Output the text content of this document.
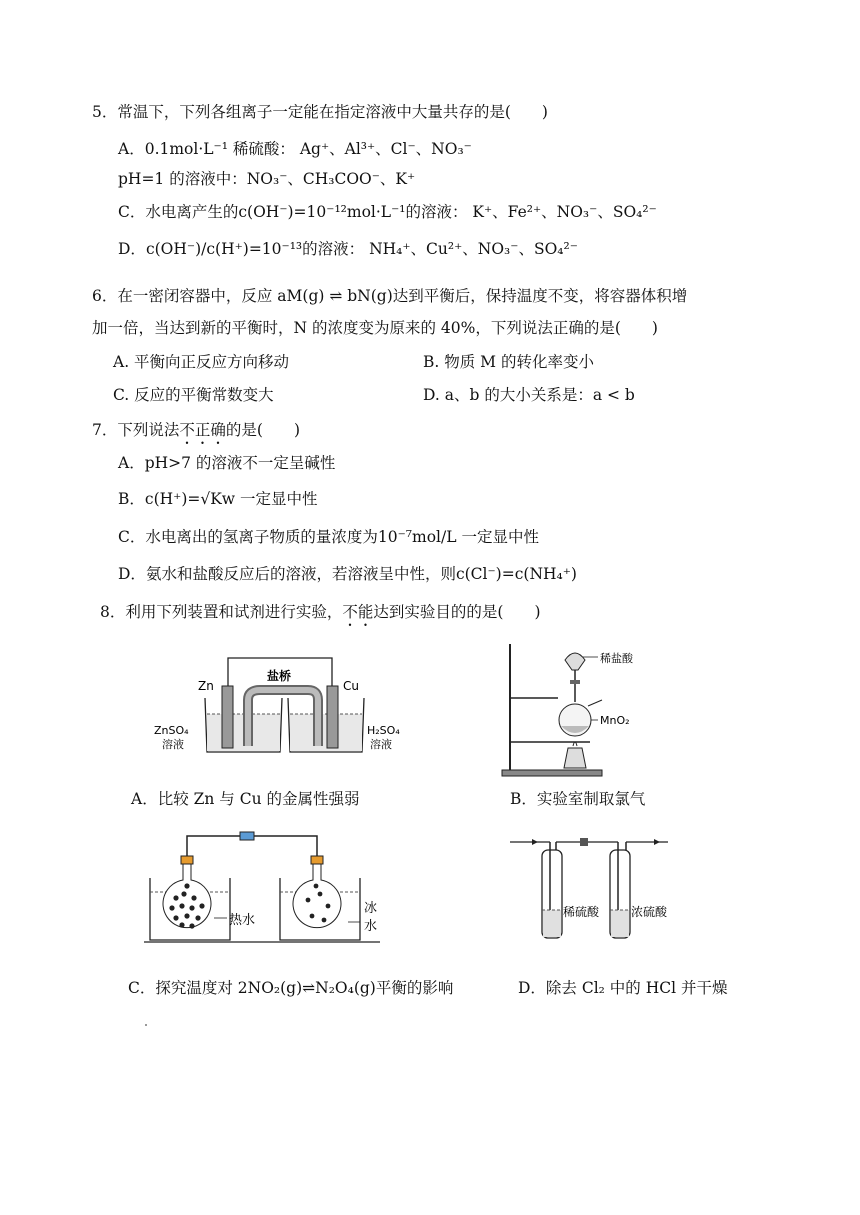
5．常温下，下列各组离子一定能在指定溶液中大量共存的是(　　)
A．0.1mol·L⁻¹ 稀硫酸： Ag⁺、Al³⁺、Cl⁻、NO₃⁻
pH=1 的溶液中：NO₃⁻、CH₃COO⁻、K⁺
C．水电离产生的c(OH⁻)=10⁻¹²mol·L⁻¹的溶液： K⁺、Fe²⁺、NO₃⁻、SO₄²⁻
D．c(OH⁻)/c(H⁺)=10⁻¹³的溶液： NH₄⁺、Cu²⁺、NO₃⁻、SO₄²⁻
6．在一密闭容器中，反应 aM(g) ⇌ bN(g)达到平衡后，保持温度不变，将容器体积增
加一倍，当达到新的平衡时，N 的浓度变为原来的 40%，下列说法正确的是(　　)
A. 平衡向正反应方向移动	B. 物质 M 的转化率变小
C. 反应的平衡常数变大	D. a、b 的大小关系是：a < b
7．下列说法不正确的是(　　)
A．pH>7 的溶液不一定呈碱性
B．c(H⁺)=√Kw 一定显中性
C．水电离出的氢离子物质的量浓度为10⁻⁷mol/L 一定显中性
D．氨水和盐酸反应后的溶液，若溶液呈中性，则c(Cl⁻)=c(NH₄⁺)
8．利用下列装置和试剂进行实验，不能达到实验目的的是(　　)
盐桥
Zn	Cu
ZnSO₄
溶液
H₂SO₄
溶液
A．比较 Zn 与 Cu 的金属性强弱
稀盐酸
MnO₂
B．实验室制取氯气
热水
冰
水
C．探究温度对 2NO₂(g)⇌N₂O₄(g)平衡的影响
稀硫酸	浓硫酸
D．除去 Cl₂ 中的 HCl 并干燥
